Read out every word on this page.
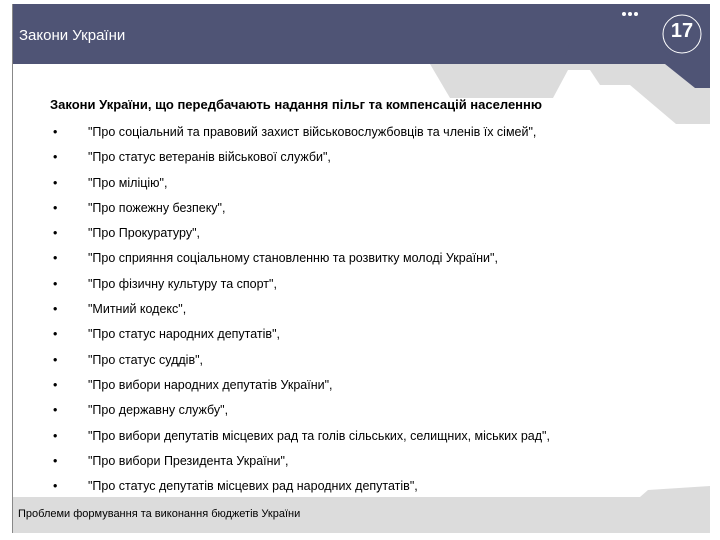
Закони України	17
Закони України, що передбачають надання пільг та компенсацій населенню
• "Про соціальний та правовий захист військовослужбовців та членів їх сімей",
• "Про статус ветеранів військової служби",
• "Про міліцію",
• "Про пожежну безпеку",
• "Про Прокуратуру",
• "Про сприяння соціальному становленню та розвитку молоді України",
• "Про фізичну культуру та спорт",
• "Митний кодекс",
• "Про статус народних депутатів",
• "Про статус суддів",
• "Про вибори народних депутатів України",
• "Про державну службу",
• "Про вибори депутатів місцевих рад та голів сільських, селищних, міських рад",
• "Про вибори Президента України",
• "Про статус депутатів місцевих рад народних депутатів",
Проблеми формування та виконання бюджетів України
